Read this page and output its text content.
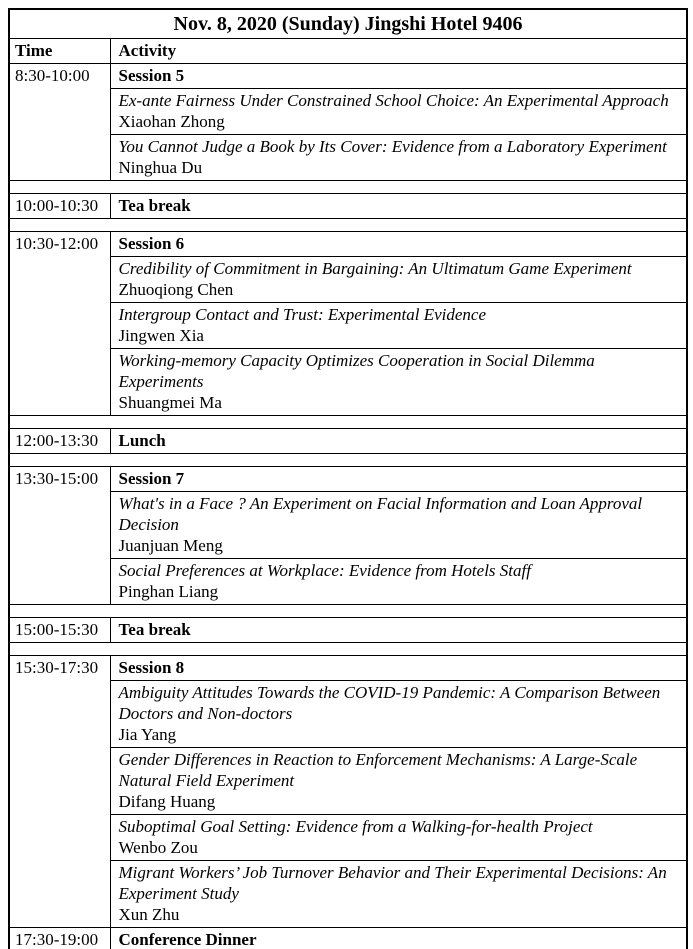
Nov. 8, 2020 (Sunday) Jingshi Hotel 9406	
Time	Activity
8:30-10:00	Session 5

	Ex-ante Fairness Under Constrained School Choice: An Experimental Approach
Xiaohan Zhong

	You Cannot Judge a Book by Its Cover: Evidence from a Laboratory Experiment
Ninghua Du

10:00-10:30	Tea break

10:30-12:00	Session 6

	Credibility of Commitment in Bargaining: An Ultimatum Game Experiment
Zhuoqiong Chen

	Intergroup Contact and Trust: Experimental Evidence
Jingwen Xia

	Working-memory Capacity Optimizes Cooperation in Social Dilemma Experiments
Shuangmei Ma

12:00-13:30	Lunch

13:30-15:00	Session 7

	What's in a Face ? An Experiment on Facial Information and Loan Approval Decision
Juanjuan Meng

	Social Preferences at Workplace: Evidence from Hotels Staff
Pinghan Liang

15:00-15:30	Tea break

15:30-17:30	Session 8

	Ambiguity Attitudes Towards the COVID-19 Pandemic: A Comparison Between Doctors and Non-doctors
Jia Yang

	Gender Differences in Reaction to Enforcement Mechanisms: A Large-Scale Natural Field Experiment
Difang Huang

	Suboptimal Goal Setting: Evidence from a Walking-for-health Project
Wenbo Zou

	Migrant Workers’ Job Turnover Behavior and Their Experimental Decisions: An Experiment Study
Xun Zhu

17:30-19:00	Conference Dinner
